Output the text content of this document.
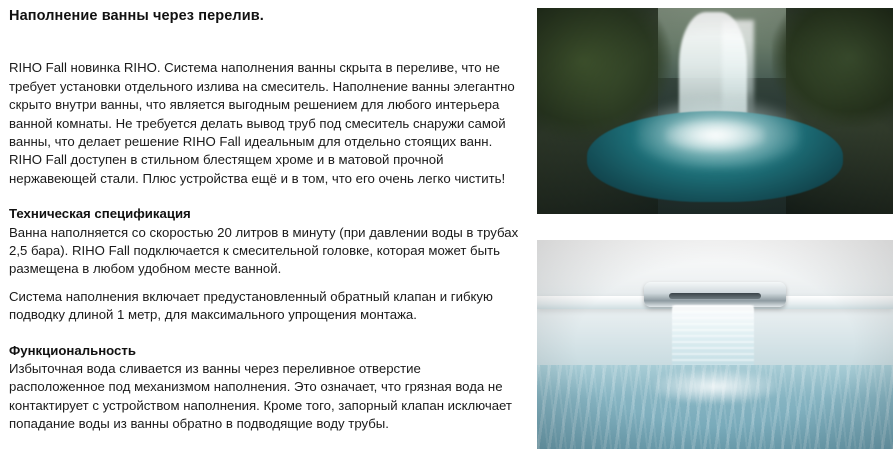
Наполнение ванны через перелив.

RIHO Fall новинка RIHO. Система наполнения ванны скрыта в переливе, что не требует установки отдельного излива на смеситель. Наполнение ванны элегантно скрыто внутри ванны, что является выгодным решением для любого интерьера ванной комнаты. Не требуется делать вывод труб под смеситель снаружи самой ванны, что делает решение RIHO Fall идеальным для отдельно стоящих ванн.

RIHO Fall доступен в стильном блестящем хроме и в матовой прочной нержавеющей стали. Плюс устройства ещё и в том, что его очень легко чистить!

Техническая спецификация

Ванна наполняется со скоростью 20 литров в минуту (при давлении воды в трубах 2,5 бара). RIHO Fall подключается к смесительной головке, которая может быть размещена в любом удобном месте ванной.

Система наполнения включает предустановленный обратный клапан и гибкую подводку длиной 1 метр, для максимального упрощения монтажа.

Функциональность

Избыточная вода сливается из ванны через переливное отверстие расположенное под механизмом наполнения. Это означает, что грязная вода не контактирует с устройством наполнения. Кроме того, запорный клапан исключает попадание воды из ванны обратно в подводящие воду трубы.
